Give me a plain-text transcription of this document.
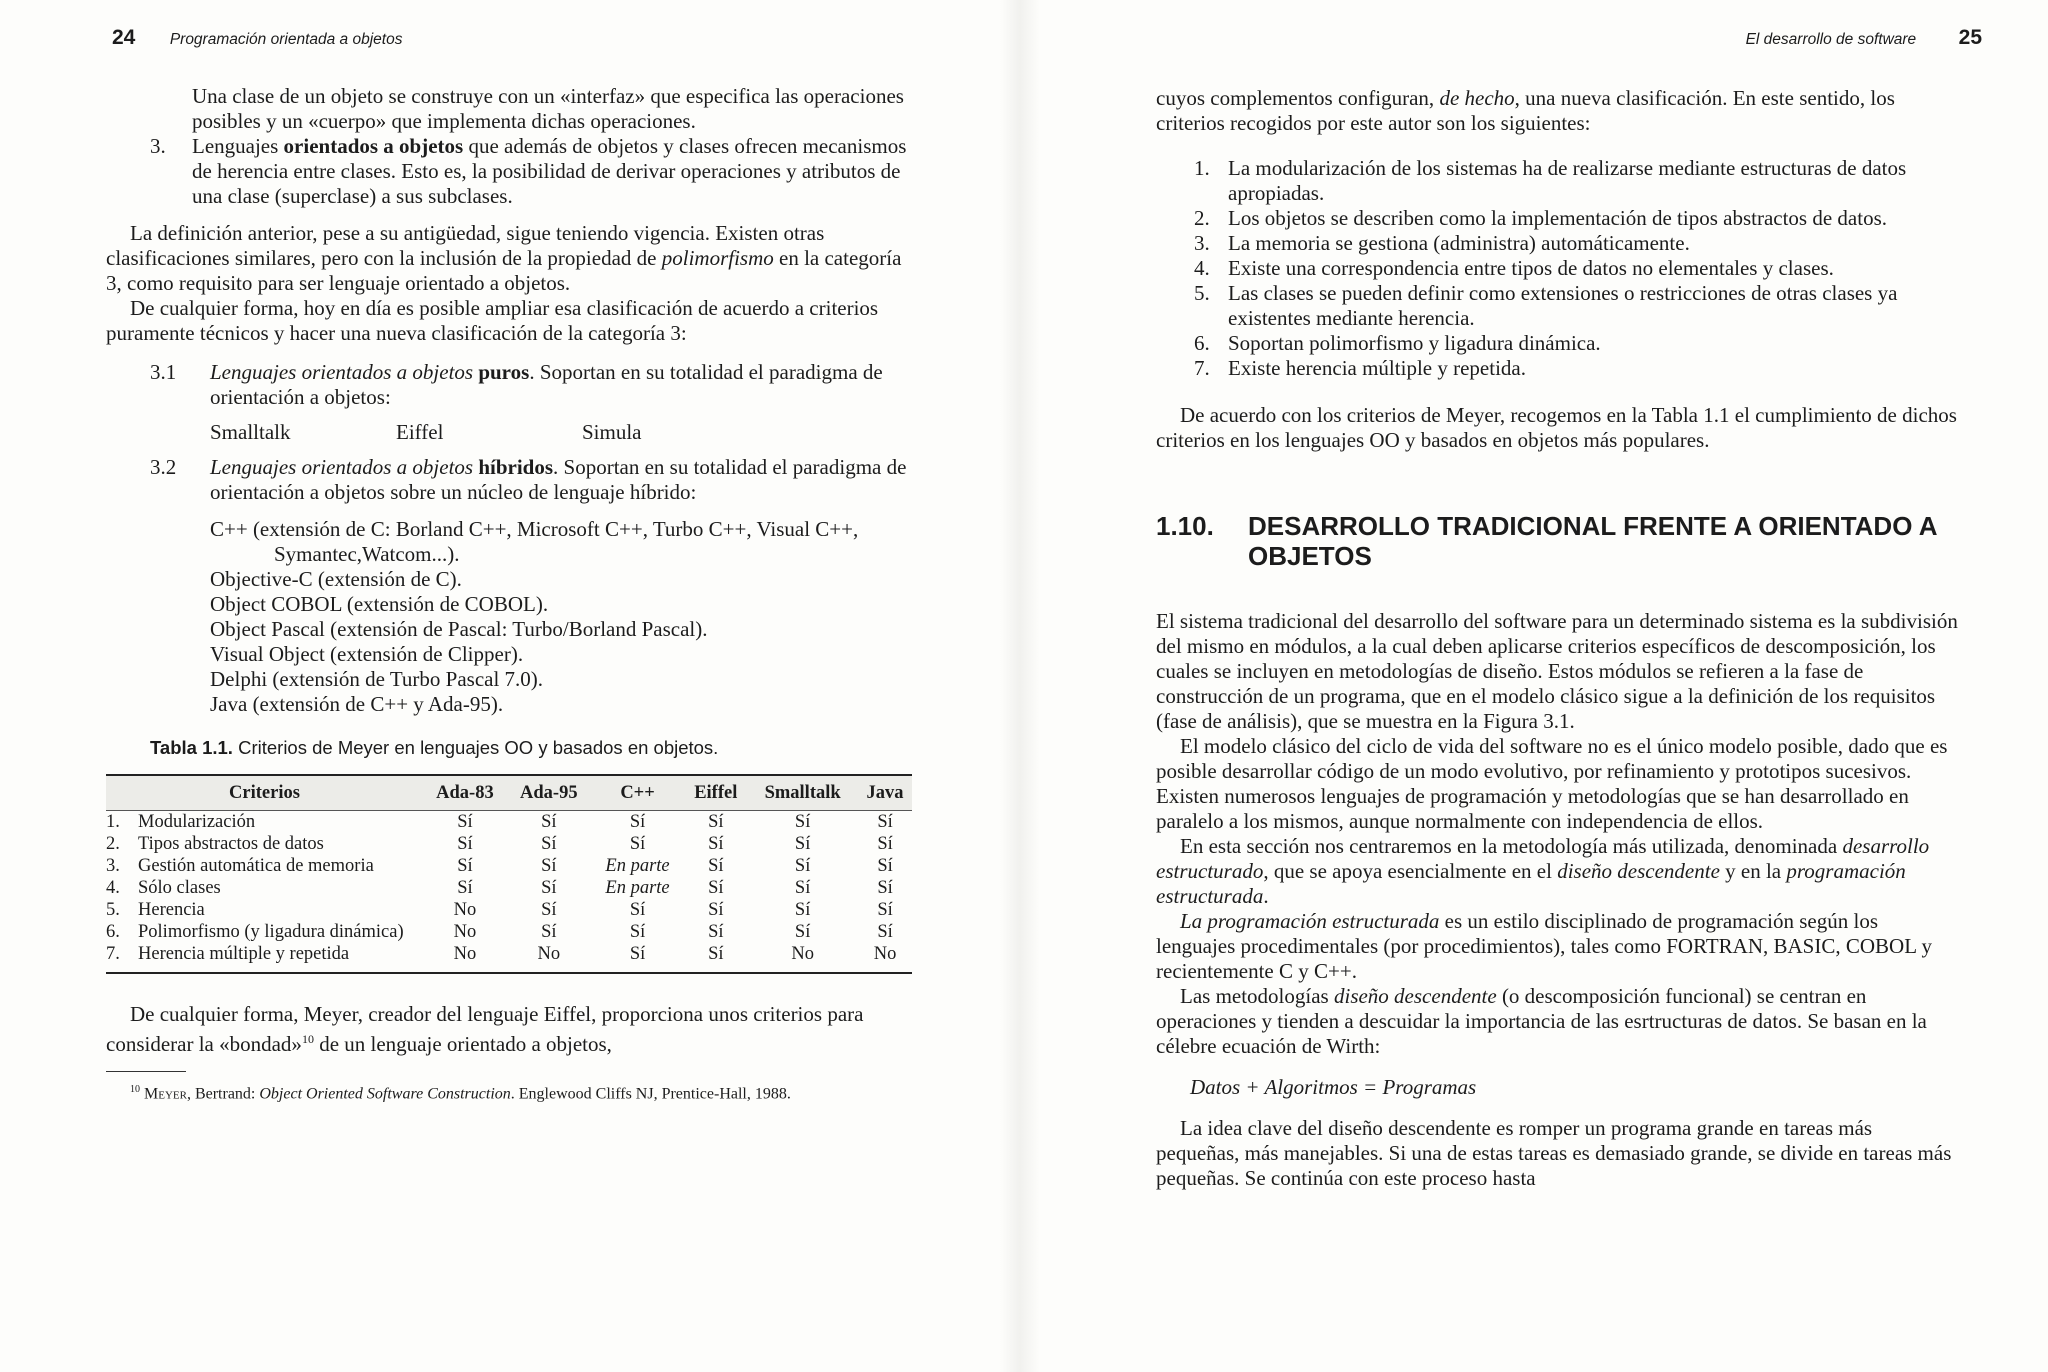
24 Programación orientada a objetos

Una clase de un objeto se construye con un «interfaz» que especifica las operaciones posibles y un «cuerpo» que implementa dichas operaciones.

3.	Lenguajes orientados a objetos que además de objetos y clases ofrecen mecanismos de herencia entre clases. Esto es, la posibilidad de derivar operaciones y atributos de una clase (superclase) a sus subclases.

La definición anterior, pese a su antigüedad, sigue teniendo vigencia. Existen otras clasificaciones similares, pero con la inclusión de la propiedad de polimorfismo en la categoría 3, como requisito para ser lenguaje orientado a objetos.

De cualquier forma, hoy en día es posible ampliar esa clasificación de acuerdo a criterios puramente técnicos y hacer una nueva clasificación de la categoría 3:

3.1	Lenguajes orientados a objetos puros. Soportan en su totalidad el paradigma de orientación a objetos:
Smalltalk	Eiffel	Simula
3.2	Lenguajes orientados a objetos híbridos. Soportan en su totalidad el paradigma de orientación a objetos sobre un núcleo de lenguaje híbrido:

C++ (extensión de C: Borland C++, Microsoft C++, Turbo C++, Visual C++, Symantec,Watcom...).

Objective-C (extensión de C).

Object COBOL (extensión de COBOL).

Object Pascal (extensión de Pascal: Turbo/Borland Pascal).

Visual Object (extensión de Clipper).

Delphi (extensión de Turbo Pascal 7.0).

Java (extensión de C++ y Ada-95).

Tabla 1.1. Criterios de Meyer en lenguajes OO y basados en objetos.
Criterios		Ada-83	Ada-95	C++	Eiffel	Smalltalk	Java
1.	Modularización	Sí	Sí	Sí	Sí	Sí	Sí
2.	Tipos abstractos de datos	Sí	Sí	Sí	Sí	Sí	Sí
3.	Gestión automática de memoria	Sí	Sí	En parte	Sí	Sí	Sí
4.	Sólo clases	Sí	Sí	En parte	Sí	Sí	Sí
5.	Herencia	No	Sí	Sí	Sí	Sí	Sí
6.	Polimorfismo (y ligadura dinámica)	No	Sí	Sí	Sí	Sí	Sí
7.	Herencia múltiple y repetida	No	No	Sí	Sí	No	No

De cualquier forma, Meyer, creador del lenguaje Eiffel, proporciona unos criterios para considerar la «bondad»$^{10}$ de un lenguaje orientado a objetos,

$^{10}$ Meyer, Bertrand: Object Oriented Software Construction. Englewood Cliffs NJ, Prentice-Hall, 1988.

El desarrollo de software 25

cuyos complementos configuran, de hecho, una nueva clasificación. En este sentido, los criterios recogidos por este autor son los siguientes:

1. La modularización de los sistemas ha de realizarse mediante estructuras de datos apropiadas.
2. Los objetos se describen como la implementación de tipos abstractos de datos.
3. La memoria se gestiona (administra) automáticamente.
4. Existe una correspondencia entre tipos de datos no elementales y clases.
5. Las clases se pueden definir como extensiones o restricciones de otras clases ya existentes mediante herencia.
6. Soportan polimorfismo y ligadura dinámica.
7. Existe herencia múltiple y repetida.

De acuerdo con los criterios de Meyer, recogemos en la Tabla 1.1 el cumplimiento de dichos criterios en los lenguajes OO y basados en objetos más populares.

1.10.	DESARROLLO TRADICIONAL FRENTE A ORIENTADO A OBJETOS

El sistema tradicional del desarrollo del software para un determinado sistema es la subdivisión del mismo en módulos, a la cual deben aplicarse criterios específicos de descomposición, los cuales se incluyen en metodologías de diseño. Estos módulos se refieren a la fase de construcción de un programa, que en el modelo clásico sigue a la definición de los requisitos (fase de análisis), que se muestra en la Figura 3.1.

El modelo clásico del ciclo de vida del software no es el único modelo posible, dado que es posible desarrollar código de un modo evolutivo, por refinamiento y prototipos sucesivos. Existen numerosos lenguajes de programación y metodologías que se han desarrollado en paralelo a los mismos, aunque normalmente con independencia de ellos.

En esta sección nos centraremos en la metodología más utilizada, denominada desarrollo estructurado, que se apoya esencialmente en el diseño descendente y en la programación estructurada.

La programación estructurada es un estilo disciplinado de programación según los lenguajes procedimentales (por procedimientos), tales como FORTRAN, BASIC, COBOL y recientemente C y C++.

Las metodologías diseño descendente (o descomposición funcional) se centran en operaciones y tienden a descuidar la importancia de las esrtructuras de datos. Se basan en la célebre ecuación de Wirth:

Datos + Algoritmos = Programas

La idea clave del diseño descendente es romper un programa grande en tareas más pequeñas, más manejables. Si una de estas tareas es demasiado grande, se divide en tareas más pequeñas. Se continúa con este proceso hasta
